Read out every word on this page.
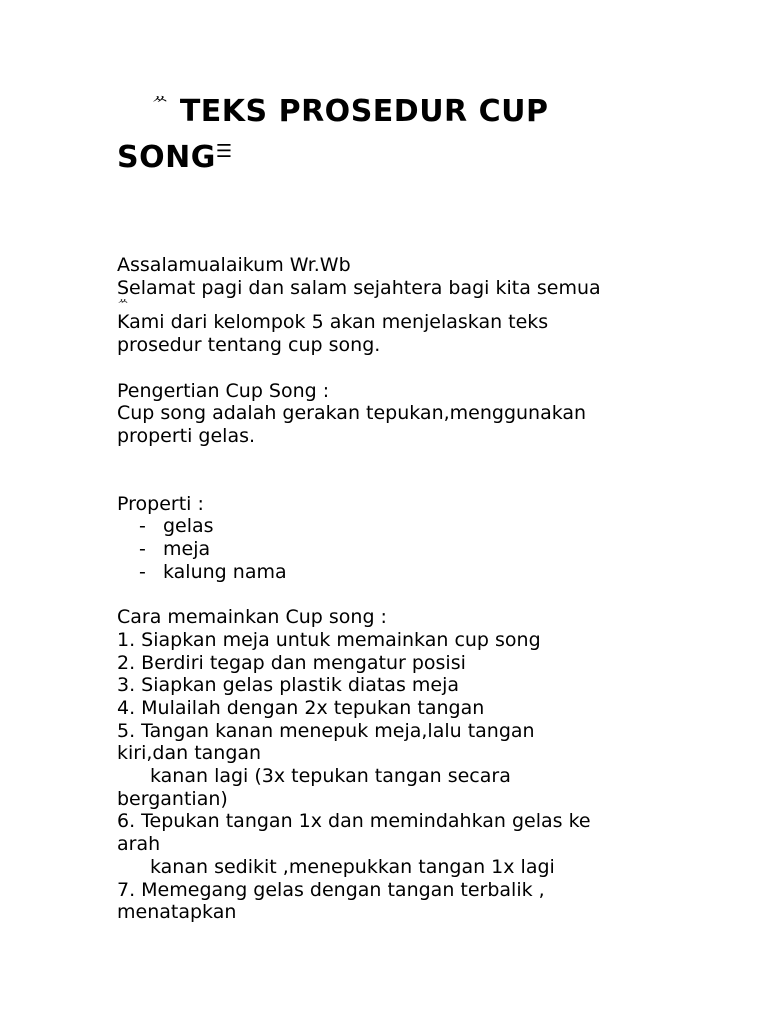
$^ᄊ$ TEKS PROSEDUR CUP
SONG☰
Assalamualaikum Wr.Wb
Selamat pagi dan salam sejahtera bagi kita semua
ᄊ
Kami dari kelompok 5 akan menjelaskan teks
prosedur tentang cup song.
Pengertian Cup Song :
Cup song adalah gerakan tepukan,menggunakan
properti gelas.
Properti :
- gelas
- meja
- kalung nama
Cara memainkan Cup song :
1. Siapkan meja untuk memainkan cup song
2. Berdiri tegap dan mengatur posisi
3. Siapkan gelas plastik diatas meja
4. Mulailah dengan 2x tepukan tangan
5. Tangan kanan menepuk meja,lalu tangan
kiri,dan tangan
kanan lagi (3x tepukan tangan secara
bergantian)
6. Tepukan tangan 1x dan memindahkan gelas ke
arah
kanan sedikit ,menepukkan tangan 1x lagi
7. Memegang gelas dengan tangan terbalik ,
menatapkan
